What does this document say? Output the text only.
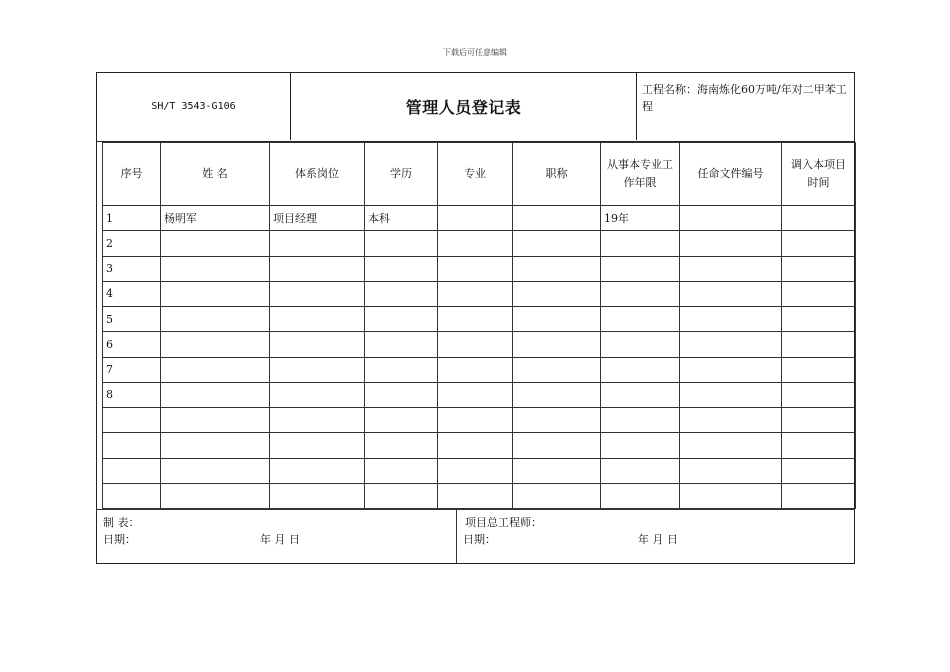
下载后可任意编辑
SH/T 3543-G106	管理人员登记表
工程名称：海南炼化60万吨/年对二甲苯工程
序号	姓 名	体系岗位	学历	专业	职称	从事本专业工作年限	任命文件编号	调入本项目时间
1	杨明军	项目经理	本科			19年		
2								
3								
4								
5								
6								
7								
8								

制 表：
日期：	年 月 日
项目总工程师：
日期：	年 月 日
